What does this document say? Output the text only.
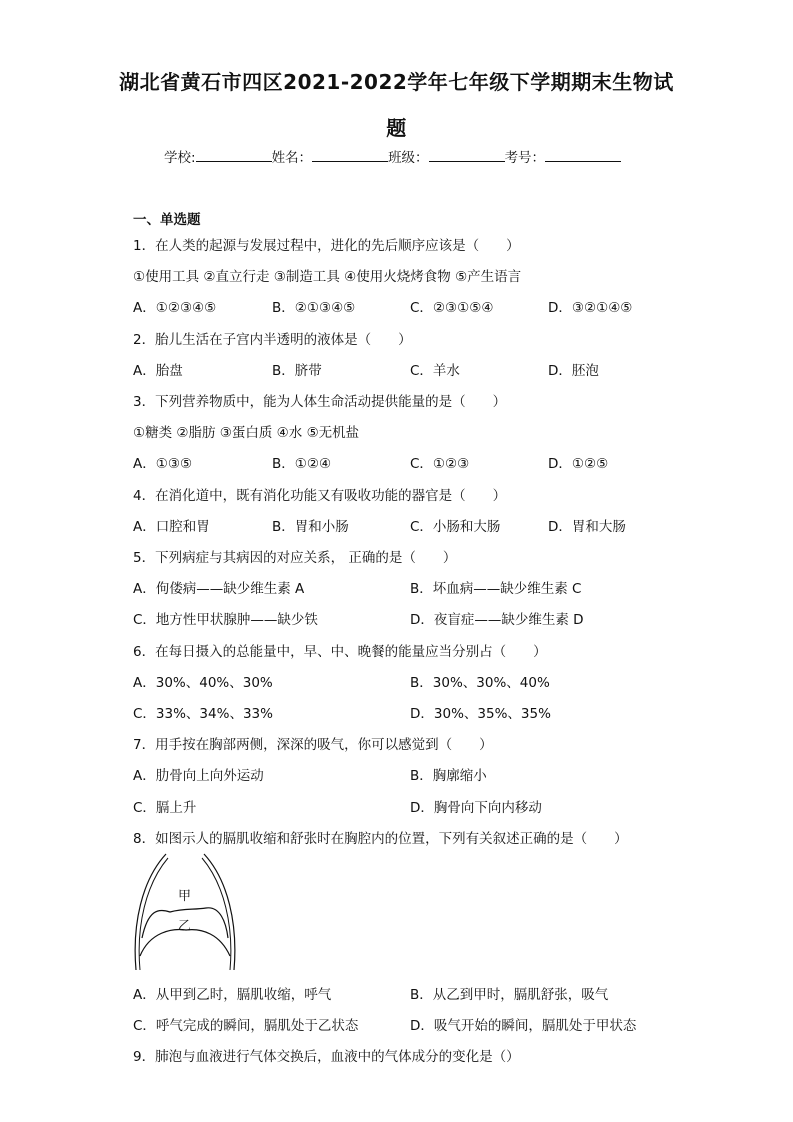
湖北省黄石市四区2021-2022学年七年级下学期期末生物试
题
学校:	姓名：	班级：	考号：
一、单选题
1．在人类的起源与发展过程中，进化的先后顺序应该是（　　）
①使用工具 ②直立行走 ③制造工具 ④使用火烧烤食物 ⑤产生语言
A．①②③④⑤	B．②①③④⑤	C．②③①⑤④	D．③②①④⑤
2．胎儿生活在子宫内半透明的液体是（　　）
A．胎盘	B．脐带	C．羊水	D．胚泡
3．下列营养物质中，能为人体生命活动提供能量的是（　　）
①糖类 ②脂肪 ③蛋白质 ④水 ⑤无机盐
A．①③⑤	B．①②④	C．①②③	D．①②⑤
4．在消化道中，既有消化功能又有吸收功能的器官是（　　）
A．口腔和胃	B．胃和小肠	C．小肠和大肠	D．胃和大肠
5．下列病症与其病因的对应关系， 正确的是（　　）
A．佝偻病——缺少维生素 A	B．坏血病——缺少维生素 C
C．地方性甲状腺肿——缺少铁	D．夜盲症——缺少维生素 D
6．在每日摄入的总能量中，早、中、晚餐的能量应当分别占（　　）
A．30%、40%、30%	B．30%、30%、40%
C．33%、34%、33%	D．30%、35%、35%
7．用手按在胸部两侧，深深的吸气，你可以感觉到（　　）
A．肋骨向上向外运动	B．胸廓缩小
C．膈上升	D．胸骨向下向内移动
8．如图示人的膈肌收缩和舒张时在胸腔内的位置，下列有关叙述正确的是（　　）
甲
乙
A．从甲到乙时，膈肌收缩，呼气	B．从乙到甲时，膈肌舒张，吸气
C．呼气完成的瞬间，膈肌处于乙状态	D．吸气开始的瞬间，膈肌处于甲状态
9．肺泡与血液进行气体交换后，血液中的气体成分的变化是（）
